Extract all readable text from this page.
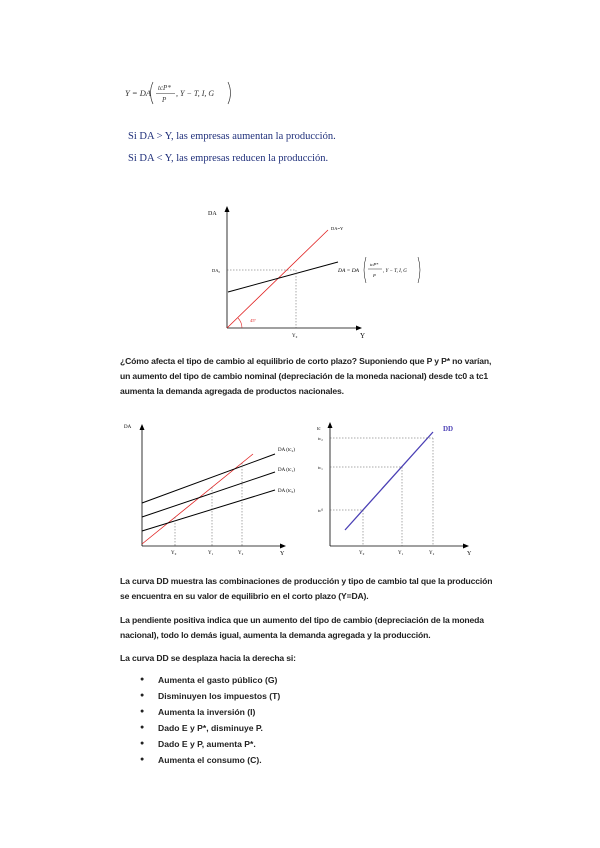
Y = DA tcP*
P
, Y − T, I, G
Si DA > Y, las empresas aumentan la producción.
Si DA < Y, las empresas reducen la producción.
DA
Y
DA=Y
DA₀
Y₀
45º
DA = DA
tcP*
P
, Y − T, I, G
¿Cómo afecta el tipo de cambio al equilibrio de corto plazo? Suponiendo que P y P* no varían, un aumento del tipo de cambio nominal (depreciación de la moneda nacional) desde tc0 a tc1 aumenta la demanda agregada de productos nacionales.
DA
Y
DA (tc₂)
DA (tc₁)
DA (tc₀)
Y₀	Y₁	Y₂
tc
Y
DD
tc₂
tc₁
tc⁰
Y₀	Y₁	Y₂
La curva DD muestra las combinaciones de producción y tipo de cambio tal que la producción se encuentra en su valor de equilibrio en el corto plazo (Y=DA).
La pendiente positiva indica que un aumento del tipo de cambio (depreciación de la moneda nacional), todo lo demás igual, aumenta la demanda agregada y la producción.
La curva DD se desplaza hacia la derecha si:
● Aumenta el gasto público (G)
● Disminuyen los impuestos (T)
● Aumenta la inversión (I)
● Dado E y P*, disminuye P.
● Dado E y P, aumenta P*.
● Aumenta el consumo (C).
